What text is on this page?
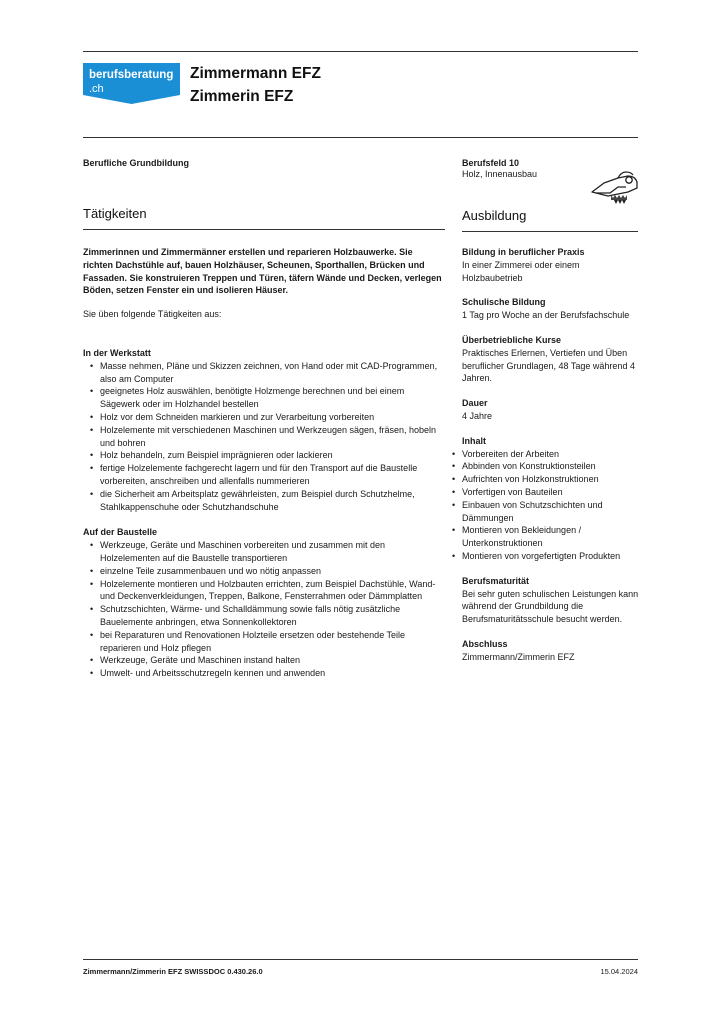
berufsberatung
.ch
Zimmermann EFZ
Zimmerin EFZ
Berufliche Grundbildung	Berufsfeld 10
Holz, Innenausbau
Tätigkeiten	Ausbildung

Zimmerinnen und Zimmermänner erstellen und reparieren Holzbauwerke. Sie richten Dachstühle auf, bauen Holzhäuser, Scheunen, Sporthallen, Brücken und Fassaden. Sie konstruieren Treppen und Türen, täfern Wände und Decken, verlegen Böden, setzen Fenster ein und isolieren Häuser.

Sie üben folgende Tätigkeiten aus:

In der Werkstatt

• Masse nehmen, Pläne und Skizzen zeichnen, von Hand oder mit CAD-Programmen, also am Computer
• geeignetes Holz auswählen, benötigte Holzmenge berechnen und bei einem Sägewerk oder im Holzhandel bestellen
• Holz vor dem Schneiden markieren und zur Verarbeitung vorbereiten
• Holzelemente mit verschiedenen Maschinen und Werkzeugen sägen, fräsen, hobeln und bohren
• Holz behandeln, zum Beispiel imprägnieren oder lackieren
• fertige Holzelemente fachgerecht lagern und für den Transport auf die Baustelle vorbereiten, anschreiben und allenfalls nummerieren
• die Sicherheit am Arbeitsplatz gewährleisten, zum Beispiel durch Schutzhelme, Stahlkappenschuhe oder Schutzhandschuhe

Auf der Baustelle

• Werkzeuge, Geräte und Maschinen vorbereiten und zusammen mit den Holzelementen auf die Baustelle transportieren
• einzelne Teile zusammenbauen und wo nötig anpassen
• Holzelemente montieren und Holzbauten errichten, zum Beispiel Dachstühle, Wand- und Deckenverkleidungen, Treppen, Balkone, Fensterrahmen oder Dämmplatten
• Schutzschichten, Wärme- und Schalldämmung sowie falls nötig zusätzliche Bauelemente anbringen, etwa Sonnenkollektoren
• bei Reparaturen und Renovationen Holzteile ersetzen oder bestehende Teile reparieren und Holz pflegen
• Werkzeuge, Geräte und Maschinen instand halten
• Umwelt- und Arbeitsschutzregeln kennen und anwenden

Bildung in beruflicher Praxis

In einer Zimmerei oder einem Holzbaubetrieb

Schulische Bildung

1 Tag pro Woche an der Berufsfachschule

Überbetriebliche Kurse

Praktisches Erlernen, Vertiefen und Üben beruflicher Grundlagen, 48 Tage während 4 Jahren.

Dauer

4 Jahre

Inhalt

• Vorbereiten der Arbeiten
• Abbinden von Konstruktionsteilen
• Aufrichten von Holzkonstruktionen
• Vorfertigen von Bauteilen
• Einbauen von Schutzschichten und Dämmungen
• Montieren von Bekleidungen / Unterkonstruktionen
• Montieren von vorgefertigten Produkten

Berufsmaturität

Bei sehr guten schulischen Leistungen kann während der Grundbildung die Berufsmaturitätsschule besucht werden.

Abschluss

Zimmermann/Zimmerin EFZ

Zimmermann/Zimmerin EFZ SWISSDOC 0.430.26.0	15.04.2024
